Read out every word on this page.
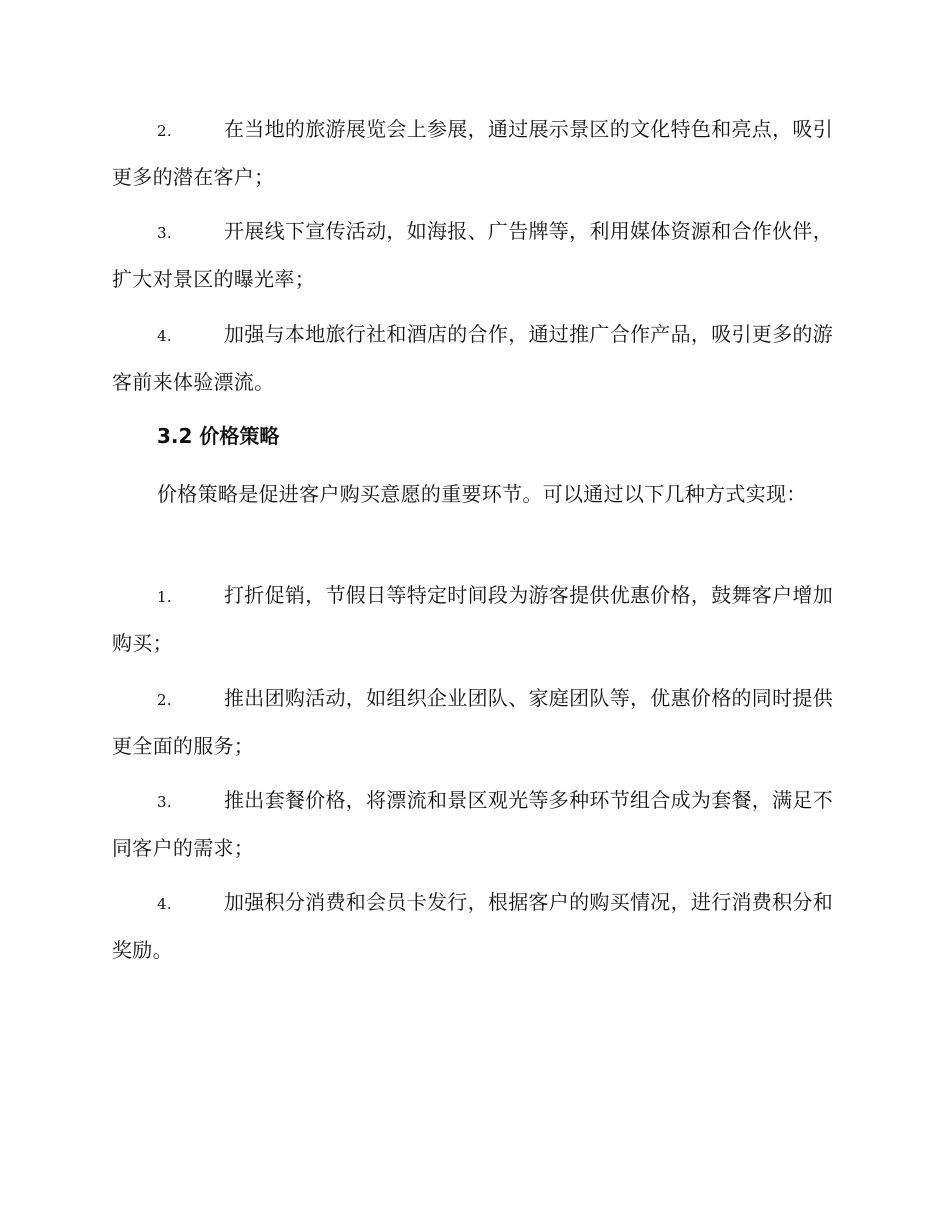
2.	在当地的旅游展览会上参展，通过展示景区的文化特色和亮点，吸引更多的潜在客户；

3.	开展线下宣传活动，如海报、广告牌等，利用媒体资源和合作伙伴，扩大对景区的曝光率；

4.	加强与本地旅行社和酒店的合作，通过推广合作产品，吸引更多的游客前来体验漂流。

3.2 价格策略

价格策略是促进客户购买意愿的重要环节。可以通过以下几种方式实现：

1.	打折促销，节假日等特定时间段为游客提供优惠价格，鼓舞客户增加购买；

2.	推出团购活动，如组织企业团队、家庭团队等，优惠价格的同时提供更全面的服务；

3.	推出套餐价格，将漂流和景区观光等多种环节组合成为套餐，满足不同客户的需求；

4.	加强积分消费和会员卡发行，根据客户的购买情况，进行消费积分和奖励。
